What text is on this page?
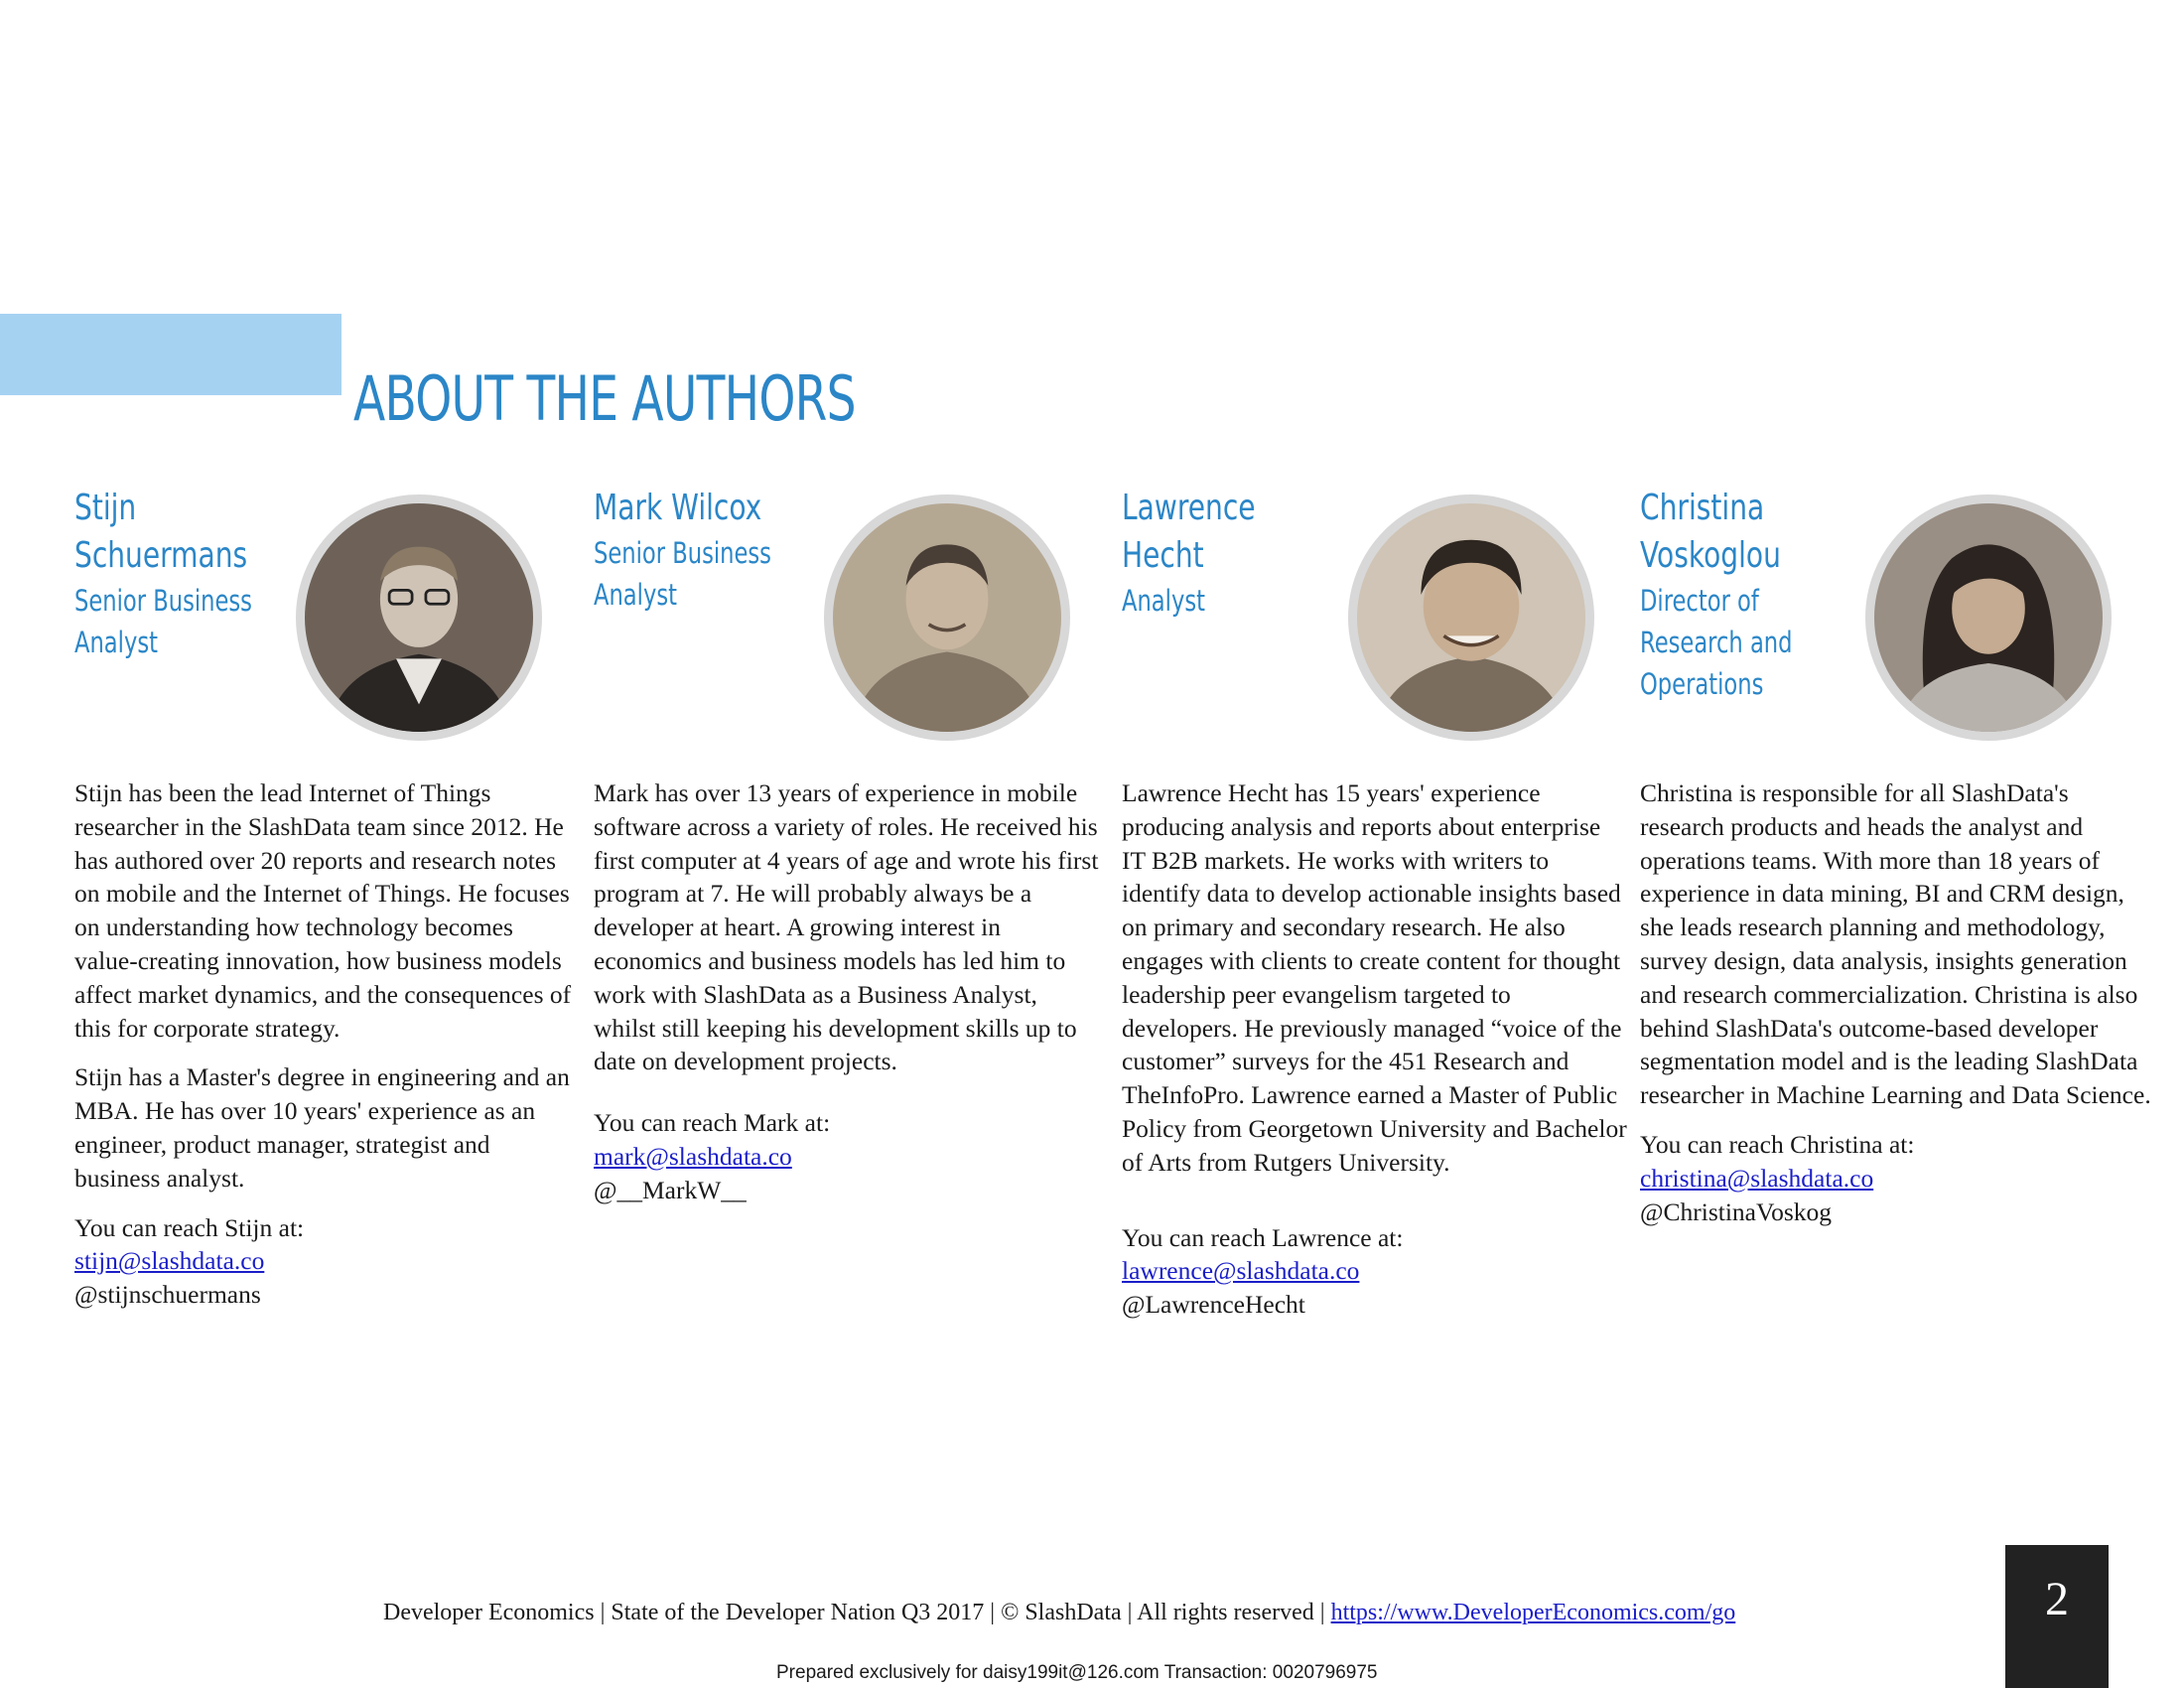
ABOUT THE AUTHORS
Stijn
Schuermans
Senior Business
Analyst

Stijn has been the lead Internet of Things researcher in the SlashData team since 2012. He has authored over 20 reports and research notes on mobile and the Internet of Things. He focuses on understanding how technology becomes value-creating innovation, how business models affect market dynamics, and the consequences of this for corporate strategy.

Stijn has a Master's degree in engineering and an MBA. He has over 10 years' experience as an engineer, product manager, strategist and business analyst.

You can reach Stijn at:
stijn@slashdata.co
@stijnschuermans
Mark Wilcox
Senior Business
Analyst

Mark has over 13 years of experience in mobile software across a variety of roles. He received his first computer at 4 years of age and wrote his first program at 7. He will probably always be a developer at heart. A growing interest in economics and business models has led him to work with SlashData as a Business Analyst, whilst still keeping his development skills up to date on development projects.

You can reach Mark at:
mark@slashdata.co
@__MarkW__
Lawrence
Hecht
Analyst

Lawrence Hecht has 15 years' experience producing analysis and reports about enterprise IT B2B markets. He works with writers to identify data to develop actionable insights based on primary and secondary research. He also engages with clients to create content for thought leadership peer evangelism targeted to developers. He previously managed “voice of the customer” surveys for the 451 Research and TheInfoPro. Lawrence earned a Master of Public Policy from Georgetown University and Bachelor of Arts from Rutgers University.

You can reach Lawrence at:
lawrence@slashdata.co
@LawrenceHecht
Christina
Voskoglou
Director of
Research and
Operations

Christina is responsible for all SlashData's research products and heads the analyst and operations teams. With more than 18 years of experience in data mining, BI and CRM design, she leads research planning and methodology, survey design, data analysis, insights generation and research commercialization. Christina is also behind SlashData's outcome-based developer segmentation model and is the leading SlashData researcher in Machine Learning and Data Science.

You can reach Christina at:
christina@slashdata.co
@ChristinaVoskog
Developer Economics | State of the Developer Nation Q3 2017 | © SlashData | All rights reserved | https://www.DeveloperEconomics.com/go	2
Prepared exclusively for daisy199it@126.com Transaction: 0020796975
